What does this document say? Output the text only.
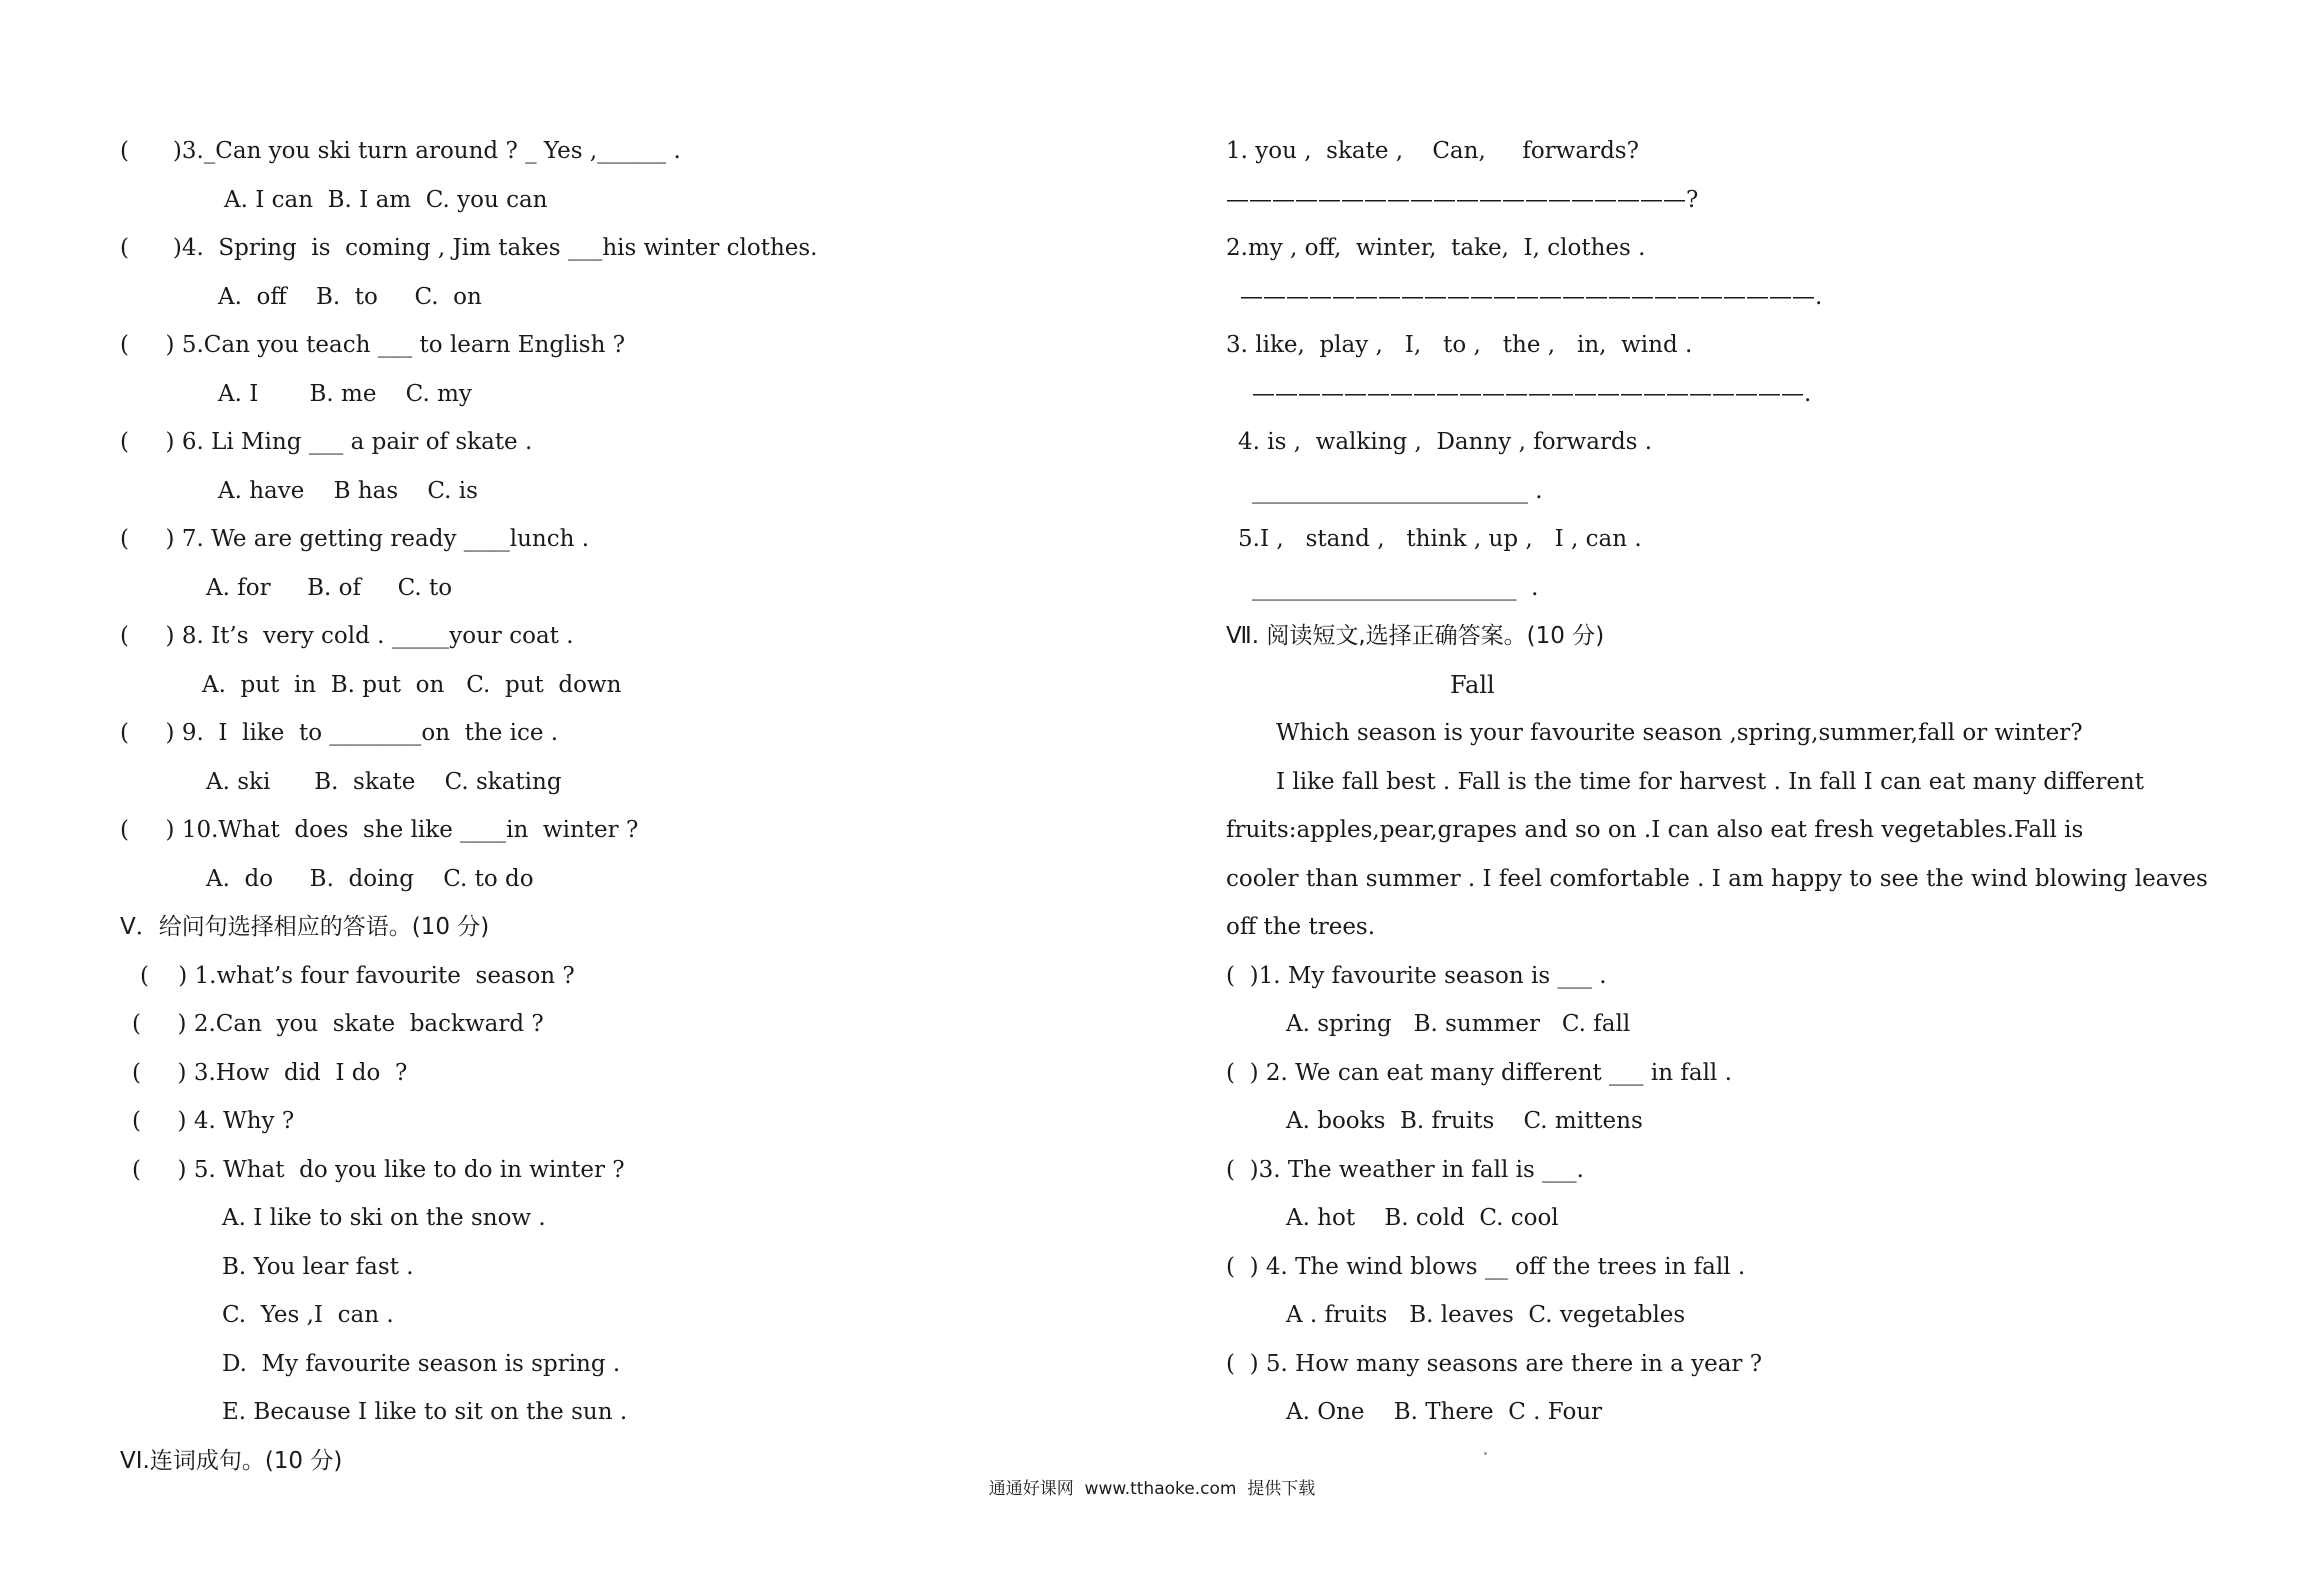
(      )3._Can you ski turn around ? _ Yes ,______ .
A. I can  B. I am  C. you can
(      )4.  Spring  is  coming , Jim takes ___his winter clothes.
A.  off    B.  to     C.  on
(     ) 5.Can you teach ___ to learn English ?
A. I       B. me    C. my
(     ) 6. Li Ming ___ a pair of skate .
A. have    B has    C. is
(     ) 7. We are getting ready ____lunch .
A. for     B. of     C. to
(     ) 8. It’s  very cold . _____your coat .
A.  put  in  B. put  on   C.  put  down
(     ) 9.  I  like  to ________on  the ice .
A. ski      B.  skate    C. skating
(     ) 10.What  does  she like ____in  winter ?
A.  do     B.  doing    C. to do
V．给问句选择相应的答语。(10 分)
(    ) 1.what’s four favourite  season ?
(     ) 2.Can  you  skate  backward ?
(     ) 3.How  did  I do  ?
(     ) 4. Why ?
(     ) 5. What  do you like to do in winter ?
A. I like to ski on the snow .
B. You lear fast .
C.  Yes ,I  can .
D.  My favourite season is spring .
E. Because I like to sit on the sun .
VI.连词成句。(10 分)
1. you ,  skate ,    Can,     forwards?
————————————————————?
2.my , off,  winter,  take,  I, clothes .
—————————————————————————.
3. like,  play ,   I,   to ,   the ,   in,  wind .
————————————————————————.
4. is ,  walking ,  Danny , forwards .
________________________ .
5.I ,   stand ,   think , up ,   I , can .
_______________________  .
Ⅶ. 阅读短文,选择正确答案。(10 分)
Fall
Which season is your favourite season ,spring,summer,fall or winter?
I like fall best . Fall is the time for harvest . In fall I can eat many different
fruits:apples,pear,grapes and so on .I can also eat fresh vegetables.Fall is
cooler than summer . I feel comfortable . I am happy to see the wind blowing leaves
off the trees.
(  )1. My favourite season is ___ .
A. spring   B. summer   C. fall
(  ) 2. We can eat many different ___ in fall .
A. books  B. fruits    C. mittens
(  )3. The weather in fall is ___.
A. hot    B. cold  C. cool
(  ) 4. The wind blows __ off the trees in fall .
A . fruits   B. leaves  C. vegetables
(  ) 5. How many seasons are there in a year ?
A. One    B. There  C . Four
通通好课网  www.tthaoke.com  提供下载
